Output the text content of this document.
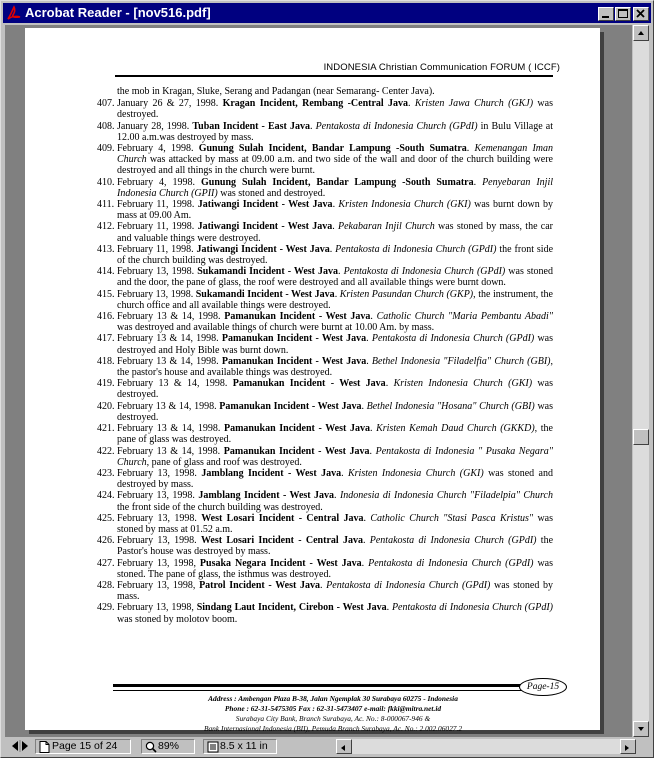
Acrobat Reader - [nov516.pdf]
INDONESIA Christian Communication FORUM ( ICCF)

the mob in Kragan, Sluke, Serang and Padangan (near Semarang- Center Java).

407. January 26 & 27, 1998. Kragan Incident, Rembang -Central Java. Kristen Jawa Church (GKJ) was destroyed.
408. January 28, 1998. Tuban Incident - East Java. Pentakosta di Indonesia Church (GPdI) in Bulu Village at 12.00 a.m.was destroyed by mass.
409. February 4, 1998. Gunung Sulah Incident, Bandar Lampung -South Sumatra. Kemenangan Iman Church was attacked by mass at 09.00 a.m. and two side of the wall and door of the church building were destroyed and all things in the church were burnt.
410. February 4, 1998. Gunung Sulah Incident, Bandar Lampung -South Sumatra. Penyebaran Injil Indonesia Church (GPII) was stoned and destroyed.
411. February 11, 1998. Jatiwangi Incident - West Java. Kristen Indonesia Church (GKI) was burnt down by mass at 09.00 Am.
412. February 11, 1998. Jatiwangi Incident - West Java. Pekabaran Injil Church was stoned by mass, the car and valuable things were destroyed.
413. February 11, 1998. Jatiwangi Incident - West Java. Pentakosta di Indonesia Church (GPdI) the front side of the church building was destroyed.
414. February 13, 1998. Sukamandi Incident - West Java. Pentakosta di Indonesia Church (GPdI) was stoned and the door, the pane of glass, the roof were destroyed and all available things were burnt down.
415. February 13, 1998. Sukamandi Incident - West Java. Kristen Pasundan Church (GKP), the instrument, the church office and all available things were destroyed.
416. February 13 & 14, 1998. Pamanukan Incident - West Java. Catholic Church "Maria Pembantu Abadi" was destroyed and available things of church were burnt at 10.00 Am. by mass.
417. February 13 & 14, 1998. Pamanukan Incident - West Java. Pentakosta di Indonesia Church (GPdI) was destroyed and Holy Bible was burnt down.
418. February 13 & 14, 1998. Pamanukan Incident - West Java. Bethel Indonesia "Filadelfia" Church (GBI), the pastor's house and available things was destroyed.
419. February 13 & 14, 1998. Pamanukan Incident - West Java. Kristen Indonesia Church (GKI) was destroyed.
420. February 13 & 14, 1998. Pamanukan Incident - West Java. Bethel Indonesia "Hosana" Church (GBI) was destroyed.
421. February 13 & 14, 1998. Pamanukan Incident - West Java. Kristen Kemah Daud Church (GKKD), the pane of glass was destroyed.
422. February 13 & 14, 1998. Pamanukan Incident - West Java. Pentakosta di Indonesia " Pusaka Negara" Church, pane of glass and roof was destroyed.
423. February 13, 1998. Jamblang Incident - West Java. Kristen Indonesia Church (GKI) was stoned and destroyed by mass.
424. February 13, 1998. Jamblang Incident - West Java. Indonesia di Indonesia Church "Filadelpia" Church the front side of the church building was destroyed.
425. February 13, 1998. West Losari Incident - Central Java. Catholic Church "Stasi Pasca Kristus" was stoned by mass at 01.52 a.m.
426. February 13, 1998. West Losari Incident - Central Java. Pentakosta di Indonesia Church (GPdI) the Pastor's house was destroyed by mass.
427. February 13, 1998, Pusaka Negara Incident - West Java. Pentakosta di Indonesia Church (GPdI) was stoned. The pane of glass, the isthmus was destroyed.
428. February 13, 1998, Patrol Incident - West Java. Pentakosta di Indonesia Church (GPdI) was stoned by mass.
429. February 13, 1998, Sindang Laut Incident, Cirebon - West Java. Pentakosta di Indonesia Church (GPdI) was stoned by molotov boom.
Page-15
Address : Ambengan Plaza B-38, Jalan Ngemplak 30 Surabaya 60275 - Indonesia
Phone : 62-31-5475305 Fax : 62-31-5473407 e-mail: fkki@mitra.net.id
Surabaya City Bank, Branch Surabaya, Ac. No.: 8-000067-946 &
Bank Internasional Indonesia (BII), Pemuda Branch Surabaya, Ac. No.: 2.002.06027.2
Page 15 of 24	89%	8.5 x 11 in
